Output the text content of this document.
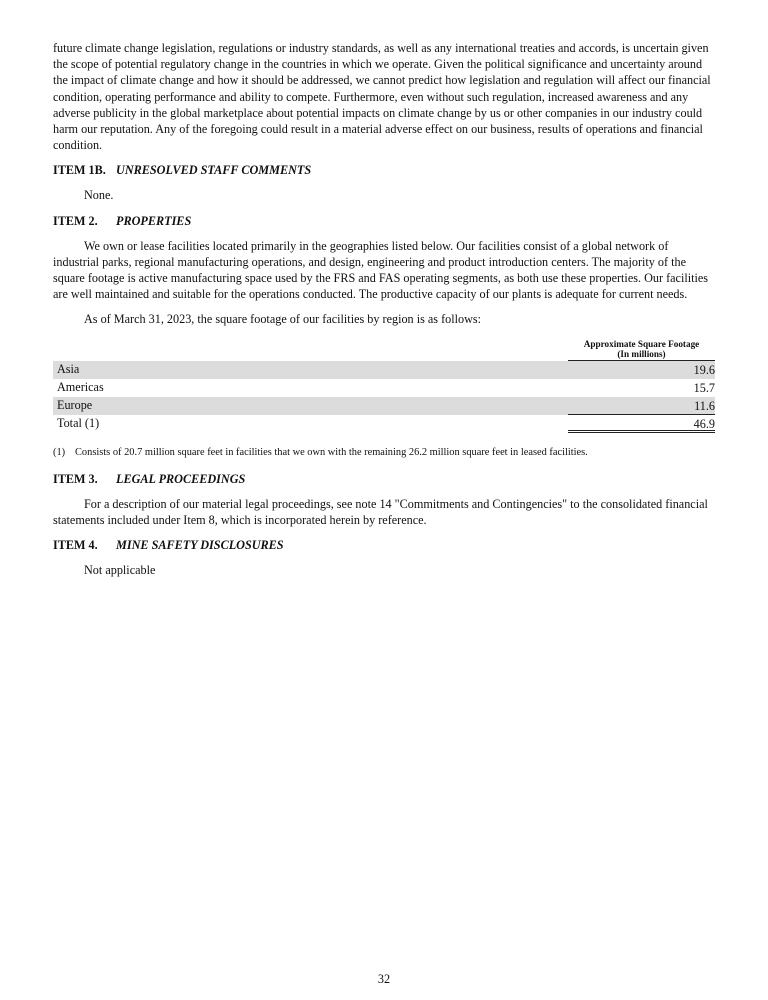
future climate change legislation, regulations or industry standards, as well as any international treaties and accords, is uncertain given the scope of potential regulatory change in the countries in which we operate. Given the political significance and uncertainty around the impact of climate change and how it should be addressed, we cannot predict how legislation and regulation will affect our financial condition, operating performance and ability to compete. Furthermore, even without such regulation, increased awareness and any adverse publicity in the global marketplace about potential impacts on climate change by us or other companies in our industry could harm our reputation. Any of the foregoing could result in a material adverse effect on our business, results of operations and financial condition.

ITEM 1B. UNRESOLVED STAFF COMMENTS

None.

ITEM 2. PROPERTIES

We own or lease facilities located primarily in the geographies listed below. Our facilities consist of a global network of industrial parks, regional manufacturing operations, and design, engineering and product introduction centers. The majority of the square footage is active manufacturing space used by the FRS and FAS operating segments, as both use these properties. Our facilities are well maintained and suitable for the operations conducted. The productive capacity of our plants is adequate for current needs.

As of March 31, 2023, the square footage of our facilities by region is as follows:

Approximate Square Footage
(In millions)
Asia	19.6
Americas	15.7
Europe	11.6
Total (1)	46.9

(1) Consists of 20.7 million square feet in facilities that we own with the remaining 26.2 million square feet in leased facilities.

ITEM 3. LEGAL PROCEEDINGS

For a description of our material legal proceedings, see note 14 "Commitments and Contingencies" to the consolidated financial statements included under Item 8, which is incorporated herein by reference.

ITEM 4. MINE SAFETY DISCLOSURES

Not applicable

32
